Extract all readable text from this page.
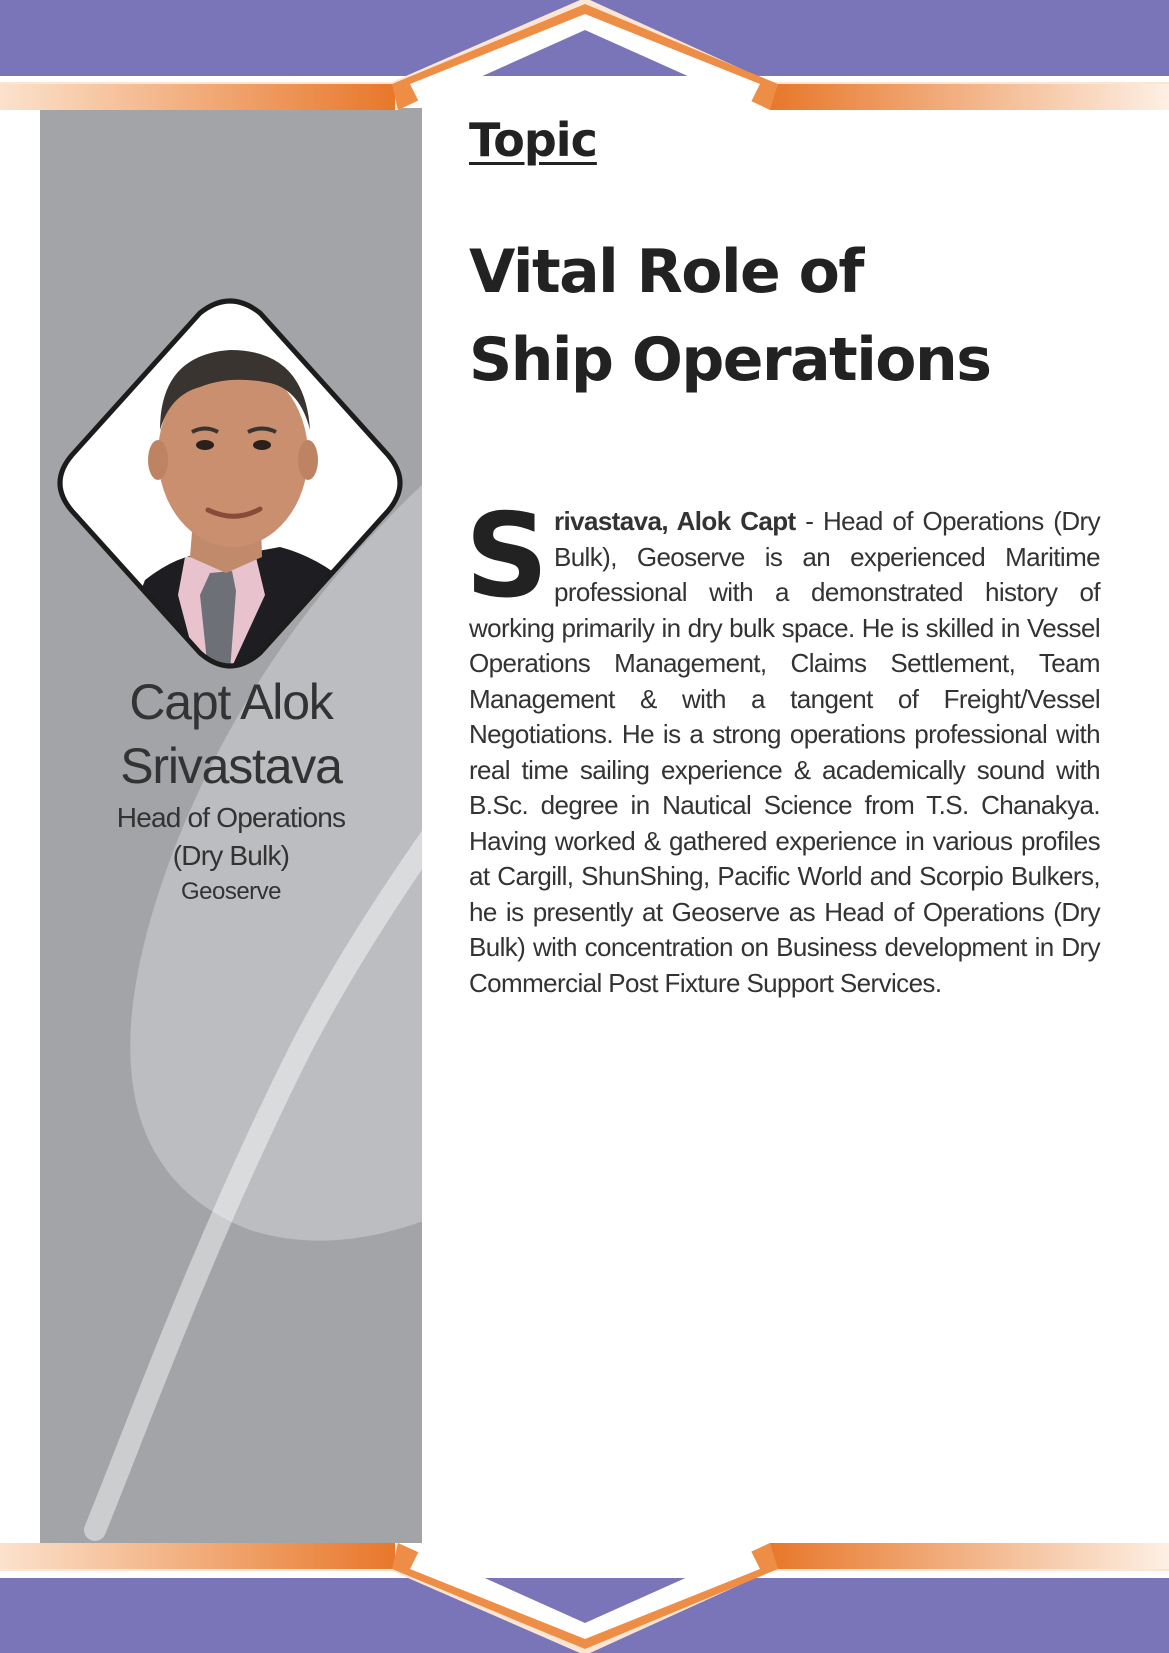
Capt Alok

Srivastava

Head of Operations

(Dry Bulk)

Geoserve

Topic
Vital Role of
Ship Operations

Srivastava, Alok Capt - Head of Operations (Dry Bulk), Geoserve is an experienced Maritime professional with a demonstrated history of working primarily in dry bulk space. He is skilled in Vessel Operations Management, Claims Settlement, Team Management & with a tangent of Freight/Vessel Negotiations. He is a strong operations professional with real time sailing experience & academically sound with B.Sc. degree in Nautical Science from T.S. Chanakya. Having worked & gathered experience in various profiles at Cargill, ShunShing, Pacific World and Scorpio Bulkers, he is presently at Geoserve as Head of Operations (Dry Bulk) with concentration on Business development in Dry Commercial Post Fixture Support Services.
